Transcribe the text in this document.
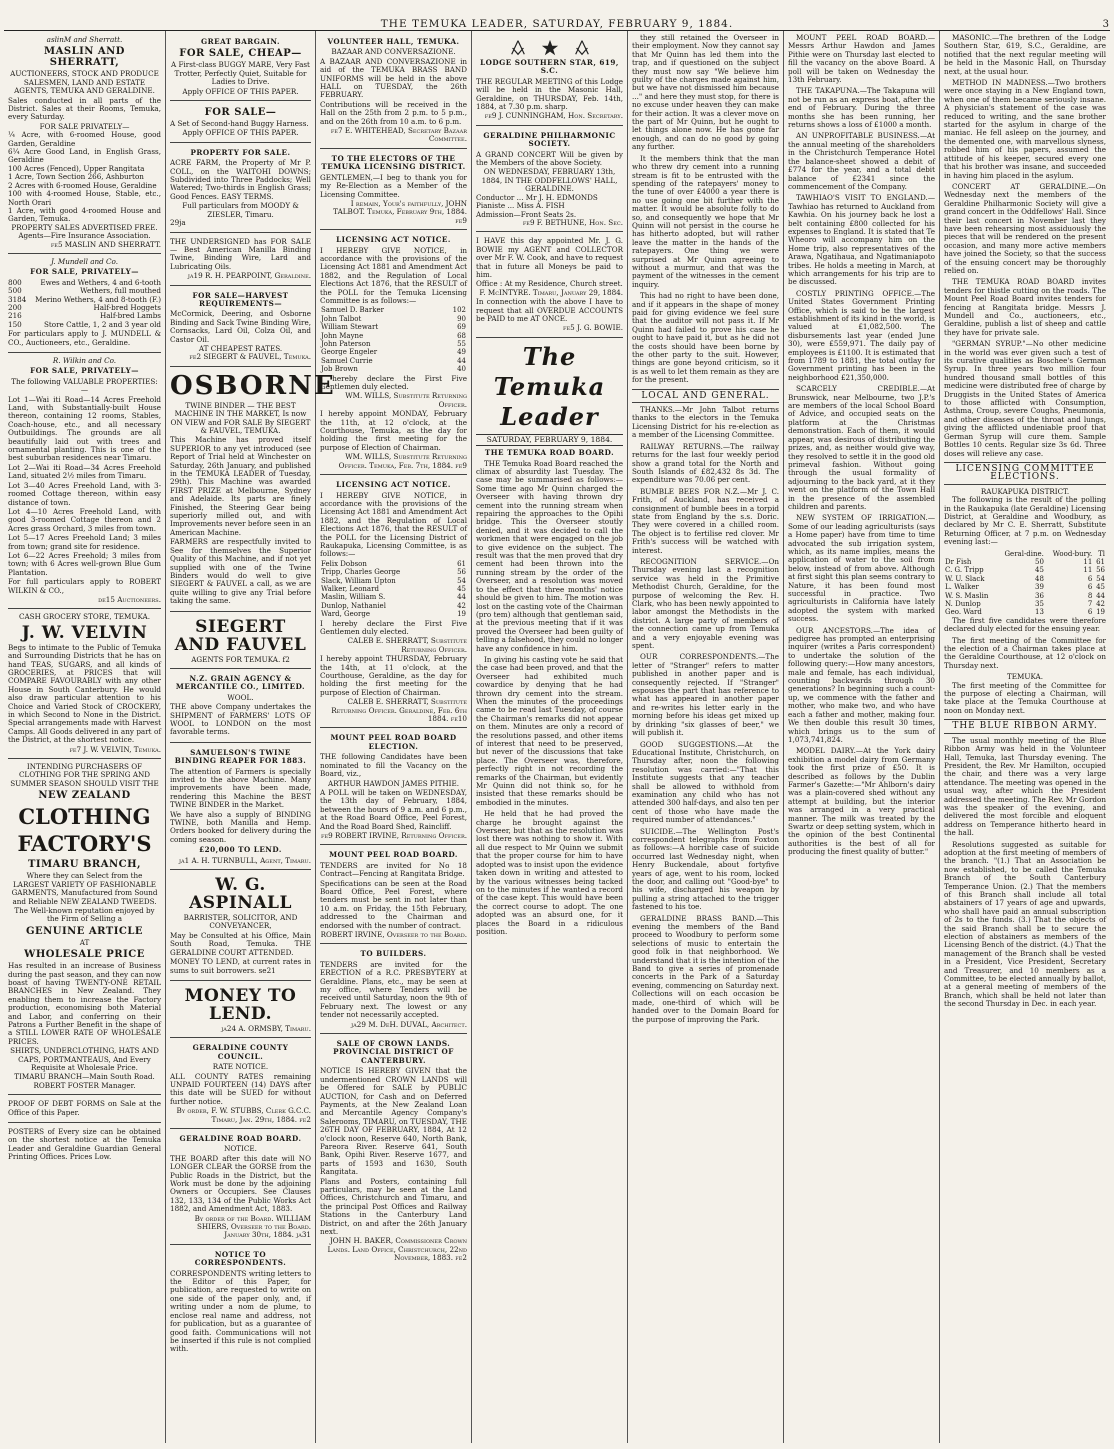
THE TEMUKA LEADER, SATURDAY, FEBRUARY 9, 1884.	3
aslinM and Sherratt.
MASLIN AND SHERRATT,
AUCTIONEERS, STOCK AND PRODUCE SALESMEN, LAND AND ESTATE AGENTS, TEMUKA AND GERALDINE.

Sales conducted in all parts of the District. Sales at their Rooms, Temuka, every Saturday.

FOR SALE PRIVATELY—
¼ Acre, with 6-roomed House, good Garden, Geraldine
6¼ Acre Good Land, in English Grass, Geraldine
100 Acres (Fenced), Upper Rangitata
1 Acre, Town Section 266, Ashburton
2 Acres with 6-roomed House, Geraldine
100 with 4-roomed House, Stable, etc., North Orari
1 Acre, with good 4-roomed House and Garden, Temuka.
PROPERTY SALES ADVERTISED FREE.
Agents—Fire Insurance Association.
fe5 MASLIN AND SHERRATT.
J. Mundell and Co.
FOR SALE, PRIVATELY—
800	Ewes and Wethers, 4 and 6-tooth
500	Wethers, full mouthed
3184 Merino Wethers, 4 and 8-tooth (F.)
200	Half-bred Hoggets
216	Half-bred Lambs
150	Store Cattle, 1, 2 and 3 year old

For particulars apply to J. MUNDELL & CO., Auctioneers, etc., Geraldine.

R. Wilkin and Co.
FOR SALE, PRIVATELY—
The following VALUABLE PROPERTIES:—

Lot 1—Wai iti Road—14 Acres Freehold Land, with Substantially-built House thereon, containing 12 rooms, Stables, Coach-house, etc., and all necessary Outbuildings. The grounds are all beautifully laid out with trees and ornamental planting. This is one of the best suburban residences near Timaru.

Lot 2—Wai iti Road—34 Acres Freehold Land, situated 2½ miles from Timaru.

Lot 3—40 Acres Freehold Land, with 3-roomed Cottage thereon, within easy distance of town.

Lot 4—10 Acres Freehold Land, with good 3-roomed Cottage thereon and 2 Acres grass Orchard, 3 miles from town.

Lot 5—17 Acres Freehold Land; 3 miles from town; grand site for residence.

Lot 6—22 Acres Freehold; 3 miles from town; with 6 Acres well-grown Blue Gum Plantation.

For full particulars apply to ROBERT WILKIN & CO.,

de15 Auctioneers.
CASH GROCERY STORE, TEMUKA.
J. W. VELVIN

Begs to intimate to the Public of Temuka and Surrounding Districts that he has on hand TEAS, SUGARS, and all kinds of GROCERIES, at PRICES that will COMPARE FAVOURABLY with any other House in South Canterbury. He would also draw particular attention to his Choice and Varied Stock of CROCKERY, in which Second to None in the District. Special arrangements made with Harvest Camps. All Goods delivered in any part of the District, at the shortest notice.

fe7 J. W. VELVIN, Temuka.
INTENDING PURCHASERS OF CLOTHING FOR THE SPRING AND SUMMER SEASON SHOULD VISIT THE
NEW ZEALAND
CLOTHING FACTORY'S
TIMARU BRANCH,

Where they can Select from the LARGEST VARIETY OF FASHIONABLE GARMENTS, Manufactured from Sound and Reliable NEW ZEALAND TWEEDS.

The Well-known reputation enjoyed by the Firm of Selling a

GENUINE ARTICLE
AT
WHOLESALE PRICE

Has resulted in an increase of Business during the past season, and they can now boast of having TWENTY-ONE RETAIL BRANCHES in New Zealand. They enabling them to increase the Factory production, economising both Material and Labor, and conferring on their Patrons a Further Benefit in the shape of a STILL LOWER RATE OF WHOLESALE PRICES.

SHIRTS, UNDERCLOTHING, HATS AND CAPS, PORTMANTEAUS, And Every Requisite at Wholesale Price.

TIMARU BRANCH—Main South Road. ROBERT FOSTER Manager.

PROOF OF DEBT FORMS on Sale at the Office of this Paper.

POSTERS of Every size can be obtained on the shortest notice at the Temuka Leader and Geraldine Guardian General Printing Offices. Prices Low.

GREAT BARGAIN.
FOR SALE, CHEAP—

A First-class BUGGY MARE, Very Fast Trotter, Perfectly Quiet, Suitable for Ladies to Drive.

Apply OFFICE OF THIS PAPER.
FOR SALE—

A Set of Second-hand Buggy Harness.

Apply OFFICE OF THIS PAPER.
PROPERTY FOR SALE.

ACRE FARM, the Property of Mr P. COLL, on the WAITOHI DOWNS; Subdivided into Three Paddocks; Well Watered; Two-thirds in English Grass; Good Fences. EASY TERMS.

Full particulars from MOODY & ZIESLER, Timaru.
29ja

THE UNDERSIGNED has FOR SALE— Best American Manilla Binding Twine, Binding Wire, Lard and Lubricating Oils.

ja19 R. H. PEARPOINT, Geraldine.
FOR SALE—HARVEST REQUIREMENTS—

McCormick, Deering, and Osborne Binding and Sack Twine Binding Wire, Cornsacks, Lard Oil, Colza Oil, and Castor Oil.

AT CHEAPEST RATES.
fe2 SIEGERT & FAUVEL, Temuka.
OSBORNE

TWINE BINDER — THE BEST MACHINE IN THE MARKET, Is now ON VIEW and FOR SALE By SIEGERT & FAUVEL, TEMUKA.

This Machine has proved itself SUPERIOR to any yet introduced (see Report of Trial held at Winchester on Saturday, 26th January, and published in the TEMUKA LEADER of Tuesday, 29th). This Machine was awarded FIRST PRIZE at Melbourne, Sydney and Adelaide. Its parts are finely Finished, the Steering Gear being superiorly milled out, and with Improvements never before seen in an American Machine.

FARMERS are respectfully invited to See for themselves the Superior Quality of this Machine, and if not yet supplied with one of the Twine Binders would do well to give SIEGERT & FAUVEL a call, as we are quite willing to give any Trial before taking the same.

SIEGERT AND FAUVEL
AGENTS FOR TEMUKA. f2
N.Z. GRAIN AGENCY & MERCANTILE CO., LIMITED.
WOOL.

THE above Company undertakes the SHIPMENT of FARMERS' LOTS OF WOOL to LONDON on the most favorable terms.

SAMUELSON'S TWINE BINDING REAPER FOR 1883.

The attention of Farmers is specially invited to the above Machine. Many improvements have been made, rendering this Machine the BEST TWINE BINDER in the Market.

We have also a supply of BINDING TWINE, both Manilla and Hemp. Orders booked for delivery during the coming season.

£20,000 TO LEND.
ja1 A. H. TURNBULL, Agent, Timaru.
W. G. ASPINALL
BARRISTER, SOLICITOR, AND CONVEYANCER,

May be Consulted at his Office, Main South Road, Temuka. THE GERALDINE COURT ATTENDED.

MONEY TO LEND, at current rates in sums to suit borrowers. se21

MONEY TO LEND.
ja24 A. ORMSBY, Timaru.
GERALDINE COUNTY COUNCIL.
RATE NOTICE.

ALL COUNTY RATES remaining UNPAID FOURTEEN (14) DAYS after this date will be SUED for without further notice.

By order, F. W. STUBBS, Clerk G.C.C. Timaru, Jan. 29th, 1884. fe2
GERALDINE ROAD BOARD.
NOTICE.

THE BOARD after this date will NO LONGER CLEAR the GORSE from the Public Roads in the District, but the Work must be done by the adjoining Owners or Occupiers. See Clauses 132, 133, 134 of the Public Works Act 1882, and Amendment Act, 1883.

By order of the Board. WILLIAM SHIERS, Overseer to the Board. January 30th, 1884. ja31
NOTICE TO CORRESPONDENTS.

CORRESPONDENTS writing letters to the Editor of this Paper, for publication, are requested to write on one side of the paper only, and, if writing under a nom de plume, to enclose real name and address, not for publication, but as a guarantee of good faith. Communications will not be inserted if this rule is not complied with.

VOLUNTEER HALL, TEMUKA.
BAZAAR AND CONVERSAZIONE.

A BAZAAR AND CONVERSAZIONE in aid of the TEMUKA BRASS BAND UNIFORMS will be held in the above HALL on TUESDAY, the 26th FEBRUARY.

Contributions will be received in the Hall on the 25th from 2 p.m. to 5 p.m., and on the 26th from 10 a.m. to 6 p.m.

fe7 E. WHITEHEAD, Secretary Bazaar Committee.
TO THE ELECTORS OF THE TEMUKA LICENSING DISTRICT.

GENTLEMEN,—I beg to thank you for my Re-Election as a Member of the Licensing Committee.

I remain, Your's faithfully, JOHN TALBOT. Temuka, February 9th, 1884. fe9
LICENSING ACT NOTICE.

I HEREBY GIVE NOTICE, in accordance with the provisions of the Licensing Act 1881 and Amendment Act 1882, and the Regulation of Local Elections Act 1876, that the RESULT of the POLL for the Temuka Licensing Committee is as follows:—

Samuel D. Barker	102
John Talbot	90
William Stewart	69
John Mayne	68
John Paterson	55
George Engeler	49
Samuel Currie	44
Job Brown	40

I hereby declare the First Five Gentlemen duly elected.

WM. WILLS, Substitute Returning Officer.

I hereby appoint MONDAY, February the 11th, at 12 o'clock, at the Courthouse, Temuka, as the day for holding the first meeting for the purpose of Election of Chairman.

WM. WILLS, Substitute Returning Officer. Temuka, Feb. 7th, 1884. fe9
LICENSING ACT NOTICE.

I HEREBY GIVE NOTICE, in accordance with the provisions of the Licensing Act 1881 and Amendment Act 1882, and the Regulation of Local Elections Act 1876, that the RESULT of the POLL for the Licensing District of Raukapuka, Licensing Committee, is as follows:—

Felix Dobson	61
Tripp, Charles George	56
Slack, William Upton	54
Walker, Leonard	45
Maslin, William S.	44
Dunlop, Nathaniel	42
Ward, George	19

I hereby declare the First Five Gentlemen duly elected.

CALEB E. SHERRATT, Substitute Returning Officer.

I hereby appoint THURSDAY, February the 14th, at 11 o'clock, at the Courthouse, Geraldine, as the day for holding the first meeting for the purpose of Election of Chairman.

CALEB E. SHERRATT, Substitute Returning Officer. Geraldine, Feb. 6th 1884. fe10
MOUNT PEEL ROAD BOARD ELECTION.

THE following Candidates have been nominated to fill the Vacancy on the Board, viz.,

ARTHUR HAWDON JAMES PITHIE.

A POLL will be taken on WEDNESDAY, the 13th day of February, 1884, between the hours of 9 a.m. and 6 p.m., at the Road Board Office, Peel Forest, And the Road Board Shed, Raincliff.

fe9 ROBERT IRVINE, Returning Officer.
MOUNT PEEL ROAD BOARD.

TENDERS are invited for No 18 Contract—Fencing at Rangitata Bridge.

Specifications can be seen at the Road Board Office, Peel Forest, where tenders must be sent in not later than 10 a.m. on Friday, the 15th February, addressed to the Chairman and endorsed with the number of contract.

ROBERT IRVINE, Overseer to the Board.
TO BUILDERS.

TENDERS are invited for the ERECTION of a R.C. PRESBYTERY at Geraldine. Plans, etc., may be seen at my office, where Tenders will be received until Saturday, noon the 9th of February next. The lowest or any tender not necessarily accepted.

ja29 M. DeH. DUVAL, Architect.
SALE OF CROWN LANDS. PROVINCIAL DISTRICT OF CANTERBURY.

NOTICE IS HEREBY GIVEN that the undermentioned CROWN LANDS will be Offered for SALE by PUBLIC AUCTION, for Cash and on Deferred Payments, at the New Zealand Loan and Mercantile Agency Company's Salerooms, TIMARU, on TUESDAY, THE 26TH DAY OF FEBRUARY, 1884, At 12 o'clock noon, Reserve 640, North Bank, Pareora River. Reserve 641, South Bank, Opihi River. Reserve 1677, and parts of 1593 and 1630, South Rangitata.

Plans and Posters, containing full particulars, may be seen at the Land Offices, Christchurch and Timaru, and the principal Post Offices and Railway Stations in the Canterbury Land District, on and after the 26th January next.

JOHN H. BAKER, Commissioner Crown Lands. Land Office, Christchurch, 22nd November, 1883. fe2
LODGE SOUTHERN STAR, 619, S.C.

THE REGULAR MEETING of this Lodge will be held in the Masonic Hall, Geraldine, on THURSDAY, Feb. 14th, 1884, at 7.30 p.m. sharp.

fe9 J. CUNNINGHAM, Hon. Secretary.
GERALDINE PHILHARMONIC SOCIETY.

A GRAND CONCERT Will be given by the Members of the above Society.

ON WEDNESDAY, FEBRUARY 13th, 1884, IN THE ODDFELLOWS' HALL, GERALDINE.
Conductor ... Mr J. H. EDMONDS
Pianiste ... Miss A. FISH
Admission—Front Seats 2s.
fe9 F. BETHUNE, Hon. Sec.

I HAVE this day appointed Mr. J. G. BOWIE my AGENT and COLLECTOR over Mr F. W. Cook, and have to request that in future all Moneys be paid to him.

Office : At my Residence, Church street.
F. McINTYRE. Timaru, January 29, 1884.

In connection with the above I have to request that all OVERDUE ACCOUNTS be PAID to me AT ONCE.

fe5 J. G. BOWIE.
The Temuka Leader
SATURDAY, FEBRUARY 9, 1884.
THE TEMUKA ROAD BOARD.

THE Temuka Road Board reached the climax of absurdity last Tuesday. The case may be summarised as follows:—Some time ago Mr Quinn charged the Overseer with having thrown dry cement into the running stream when repairing the approaches to the Opihi bridge. This the Overseer stoutly denied, and it was decided to call the workmen that were engaged on the job to give evidence on the subject. The result was that the men proved that dry cement had been thrown into the running stream by the order of the Overseer, and a resolution was moved to the effect that three months' notice should be given to him. The motion was lost on the casting vote of the Chairman (pro tem) although that gentleman said, at the previous meeting that if it was proved the Overseer had been guilty of telling a falsehood, they could no longer have any confidence in him.

In giving his casting vote he said that the case had been proved, and that the Overseer had exhibited much cowardice by denying that he had thrown dry cement into the stream. When the minutes of the proceedings came to be read last Tuesday, of course the Chairman's remarks did not appear on them. Minutes are only a record of the resolutions passed, and other items of interest that need to be preserved, but never of the discussions that take place. The Overseer was, therefore, perfectly right in not recording the remarks of the Chairman, but evidently Mr Quinn did not think so, for he insisted that these remarks should be embodied in the minutes.

He held that he had proved the charge he brought against the Overseer, but that as the resolution was lost there was nothing to show it. With all due respect to Mr Quinn we submit that the proper course for him to have adopted was to insist upon the evidence taken down in writing and attested to by the various witnesses being tacked on to the minutes if he wanted a record of the case kept. This would have been the correct course to adopt. The one adopted was an absurd one, for it places the Board in a ridiculous position.

they still retained the Overseer in their employment. Now they cannot say that Mr Quinn has led them into the trap, and if questioned on the subject they must now say "We believe him guilty of the charges made against him, but we have not dismissed him because ..." and here they must stop, for there is no excuse under heaven they can make for their action. It was a clever move on the part of Mr Quinn, but he ought to let things alone now. He has gone far enough, and can do no good by going any further.

It the members think that the man who threw dry cement into a running stream is fit to be entrusted with the spending of the ratepayers' money to the tune of over £4000 a year there is no use going one bit further with the matter. It would be absolute folly to do so, and consequently we hope that Mr Quinn will not persist in the course he has hitherto adopted, but will rather leave the matter in the hands of the ratepayers. One thing we were surprised at Mr Quinn agreeing to without a murmur, and that was the payment of the witnesses in the cement inquiry.

This had no right to have been done, and if it appears in the shape of money paid for giving evidence we feel sure that the auditor will not pass it. If Mr Quinn had failed to prove his case he ought to have paid it, but as he did not the costs should have been borne by the other party to the suit. However, things are gone beyond criticism, so it is as well to let them remain as they are for the present.

LOCAL AND GENERAL.

THANKS.—Mr John Talbot returns thanks to the electors in the Temuka Licensing District for his re-election as a member of the Licensing Committee.

RAILWAY RETURNS.—The railway returns for the last four weekly period show a grand total for the North and South Islands of £82,432 8s 3d. The expenditure was 70.06 per cent.

BUMBLE BEES FOR N.Z.—Mr J. C. Frith, of Auckland, has received a consignment of bumble bees in a torpid state from England by the s.s. Doric. They were covered in a chilled room. The object is to fertilise red clover. Mr Frith's success will be watched with interest.

RECOGNITION SERVICE.—On Thursday evening last a recognition service was held in the Primitive Methodist Church, Geraldine, for the purpose of welcoming the Rev. H. Clark, who has been newly appointed to labor amongst the Methodists in the district. A large party of members of the connection came up from Temuka and a very enjoyable evening was spent.

OUR CORRESPONDENTS.—The letter of "Stranger" refers to matter published in another paper and is consequently rejected. If "Stranger" espouses the part that has reference to what has appeared in another paper and re-writes his letter early in the morning before his ideas get mixed up by drinking "six glasses of beer," we will publish it.

GOOD SUGGESTIONS.—At the Educational Institute, Christchurch, on Thursday after, noon the following resolution was carried:—"That this Institute suggests that any teacher shall be allowed to withhold from examination any child who has not attended 300 half-days, and also ten per cent of those who have made the required number of attendances."

SUICIDE.—The Wellington Post's correspondent telegraphs from Foxton as follows:—A horrible case of suicide occurred last Wednesday night, when Henry Buckendale, about fortyfive years of age, went to his room, locked the door, and calling out "Good-bye" to his wife, discharged his weapon by pulling a string attached to the trigger fastened to his toe.

GERALDINE BRASS BAND.—This evening the members of the Band proceed to Woodbury to perform some selections of music to entertain the good folk in that neighborhood. We understand that it is the intention of the Band to give a series of promenade concerts in the Park of a Saturday evening, commencing on Saturday next. Collections will on each occasion be made, one-third of which will be handed over to the Domain Board for the purpose of improving the Park.

MOUNT PEEL ROAD BOARD.—Messrs Arthur Hawdon and James Pithie were on Thursday last elected to fill the vacancy on the above Board. A poll will be taken on Wednesday the 13th February.

THE TAKAPUNA.—The Takapuna will not be run as an express boat, after the end of February. During the three months she has been running, her returns shows a loss of £1000 a month.

AN UNPROFITABLE BUSINESS.—At the annual meeting of the shareholders in the Christchurch Temperance Hotel the balance-sheet showed a debit of £774 for the year, and a total debit balance of £2341 since the commencement of the Company.

TAWHIAO'S VISIT TO ENGLAND.—Tawhiao has returned to Auckland from Kawhia. On his journey back he lost a belt containing £800 collected for his expenses to England. It is stated that Te Wheoro will accompany him on the Home trip, also representatives of the Arawa, Ngatihaua, and Ngatimaniapoto tribes. He holds a meeting in March, at which arrangements for his trip are to be discussed.

COSTLY PRINTING OFFICE.—The United States Government Printing Office, which is said to be the largest establishment of its kind in the world, is valued at £1,082,500. The disbursements last year (ended June 30), were £559,971. The daily pay of employees is £1100. It is estimated that from 1789 to 1881, the total outlay for Government printing has been in the neighborhood £21,350,000.

SCARCELY CREDIBLE.—At Brunswick, near Melbourne, two J.P.'s are members of the local School Board of Advice, and occupied seats on the platform at the Christmas demonstration. Each of them, it would appear, was desirous of distributing the prizes, and, as neither would give way, they resolved to settle it in the good old primeval fashion. Without going through the usual formality of adjourning to the back yard, at it they went on the platform of the Town Hall in the presence of the assembled children and parents.

NEW SYSTEM OF IRRIGATION.—Some of our leading agriculturists (says a Home paper) have from time to time advocated the sub irrigation system, which, as its name implies, means the application of water to the soil from below, instead of from above. Although at first sight this plan seems contrary to Nature, it has been found most successful in practice. Two agriculturists in California have lately adopted the system with marked success.

OUR ANCESTORS.—The idea of pedigree has prompted an enterprising inquirer (writes a Paris correspondent) to undertake the solution of the following query:—How many ancestors, male and female, has each individual, counting backwards through 30 generations? In beginning such a count-up, we commence with the father and mother, who make two, and who have each a father and mother, making four. We then double this result 30 times, which brings us to the sum of 1,073,741,824.

MODEL DAIRY.—At the York dairy exhibition a model dairy from Germany took the first prize of £50. It is described as follows by the Dublin Farmer's Gazette:—"Mr Ahlborn's dairy was a plain-covered shed without any attempt at building, but the interior was arranged in a very practical manner. The milk was treated by the Swartz or deep setting system, which in the opinion of the best Continental authorities is the best of all for producing the finest quality of butter."

MASONIC.—The brethren of the Lodge Southern Star, 619, S.C., Geraldine, are notified that the next regular meeting will be held in the Masonic Hall, on Thursday next, at the usual hour.

METHOD IN MADNESS.—Two brothers were once staying in a New England town, when one of them became seriously insane. A physician's statement of the case was reduced to writing, and the sane brother started for the asylum in charge of the maniac. He fell asleep on the journey, and the demented one, with marvellous slyness, robbed him of his papers, assumed the attitude of his keeper, secured every one that his brother was insane, and succeeded in having him placed in the asylum.

CONCERT AT GERALDINE.—On Wednesday next the members of the Geraldine Philharmonic Society will give a grand concert in the Oddfellows' Hall. Since their last concert in November last they have been rehearsing most assiduously the pieces that will be rendered on the present occasion, and many more active members have joined the Society, so that the success of the ensuing concert may be thoroughly relied on.

THE TEMUKA ROAD BOARD invites tenders for thistle cutting on the roads. The Mount Peel Road Board invites tenders for fencing at Rangitata bridge. Messrs J. Mundell and Co., auctioneers, etc., Geraldine, publish a list of sheep and cattle they have for private sale.

"GERMAN SYRUP."—No other medicine in the world was ever given such a test of its curative qualities as Boschee's German Syrup. In three years two million four hundred thousand small bottles of this medicine were distributed free of charge by Druggists in the United States of America to those afflicted with Consumption, Asthma, Croup, severe Coughs, Pneumonia, and other diseases of the throat and lungs, giving the afflicted undeniable proof that German Syrup will cure them. Sample Bottles 10 cents. Regular size 3s 6d. Three doses will relieve any case.

LICENSING COMMITTEE ELECTIONS.
RAUKAPUKA DISTRICT.

The following is the result of the polling in the Raukapuka (late Geraldine) Licensing District, at Geraldine and Woodbury, as declared by Mr C. E. Sherratt, Substitute Returning Officer, at 7 p.m. on Wednesday evening last:—

	Geral-dine.	Wood-bury.	Tl
Dr Fish	50	11	61
C. G. Tripp	45	11	56
W. U. Slack	48	6	54
L. Walker	39	6	45
W. S. Maslin	36	8	44
N. Dunlop	35	7	42
Geo. Ward	13	6	19

The first five candidates were therefore declared duly elected for the ensuing year.

The first meeting of the Committee for the election of a Chairman takes place at the Geraldine Courthouse, at 12 o'clock on Thursday next.

TEMUKA.

The first meeting of the Committee for the purpose of electing a Chairman, will take place at the Temuka Courthouse at noon on Monday next.

THE BLUE RIBBON ARMY.

The usual monthly meeting of the Blue Ribbon Army was held in the Volunteer Hall, Temuka, last Thursday evening. The President, the Rev. Mr Hamilton, occupied the chair, and there was a very large attendance. The meeting was opened in the usual way, after which the President addressed the meeting. The Rev. Mr Gordon was the speaker of the evening, and delivered the most forcible and eloquent address on Temperance hitherto heard in the hall.

Resolutions suggested as suitable for adoption at the first meeting of members of the branch. "(1.) That an Association be now established, to be called the Temuka Branch of the South Canterbury Temperance Union. (2.) That the members of this Branch shall include all total abstainers of 17 years of age and upwards, who shall have paid an annual subscription of 2s to the funds. (3.) That the objects of the said Branch shall be to secure the election of abstainers as members of the Licensing Bench of the district. (4.) That the management of the Branch shall be vested in a President, Vice President, Secretary and Treasurer, and 10 members as a Committee, to be elected annually by ballot, at a general meeting of members of the Branch, which shall be held not later than the second Thursday in Dec. in each year.
